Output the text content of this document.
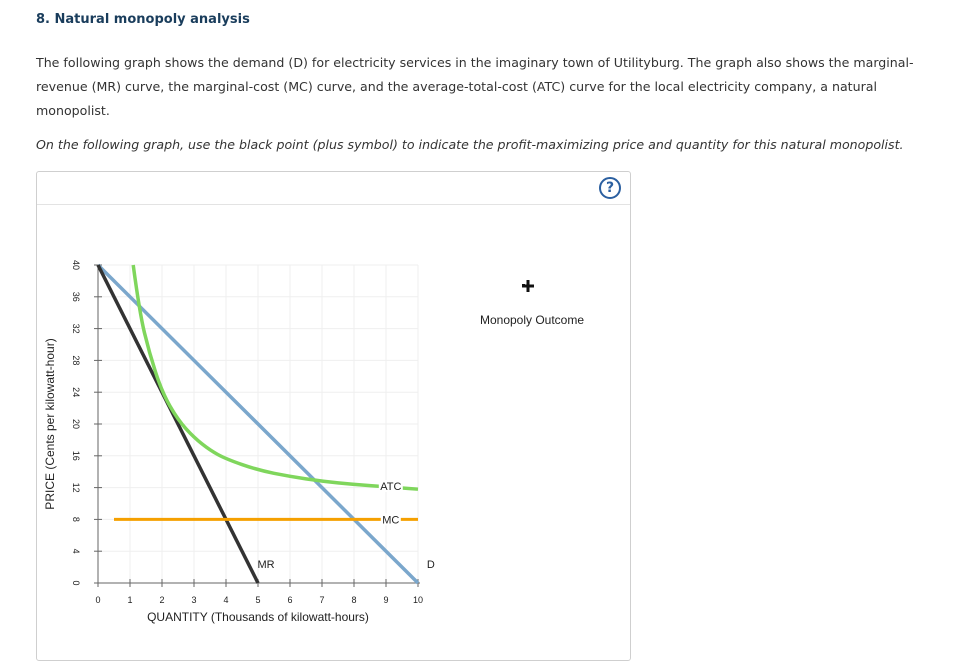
8. Natural monopoly analysis
The following graph shows the demand (D) for electricity services in the imaginary town of Utilityburg. The graph also shows the marginal-revenue (MR) curve, the marginal-cost (MC) curve, and the average-total-cost (ATC) curve for the local electricity company, a natural monopolist.
On the following graph, use the black point (plus symbol) to indicate the profit-maximizing price and quantity for this natural monopolist.
?
0	1	2	3	4	5	6	7	8	9	10
0
4
8
12
16
20
24
28
32
36
40
QUANTITY (Thousands of kilowatt-hours)
PRICE (Cents per kilowatt-hour)
D
MR
MC
ATC
Monopoly Outcome
